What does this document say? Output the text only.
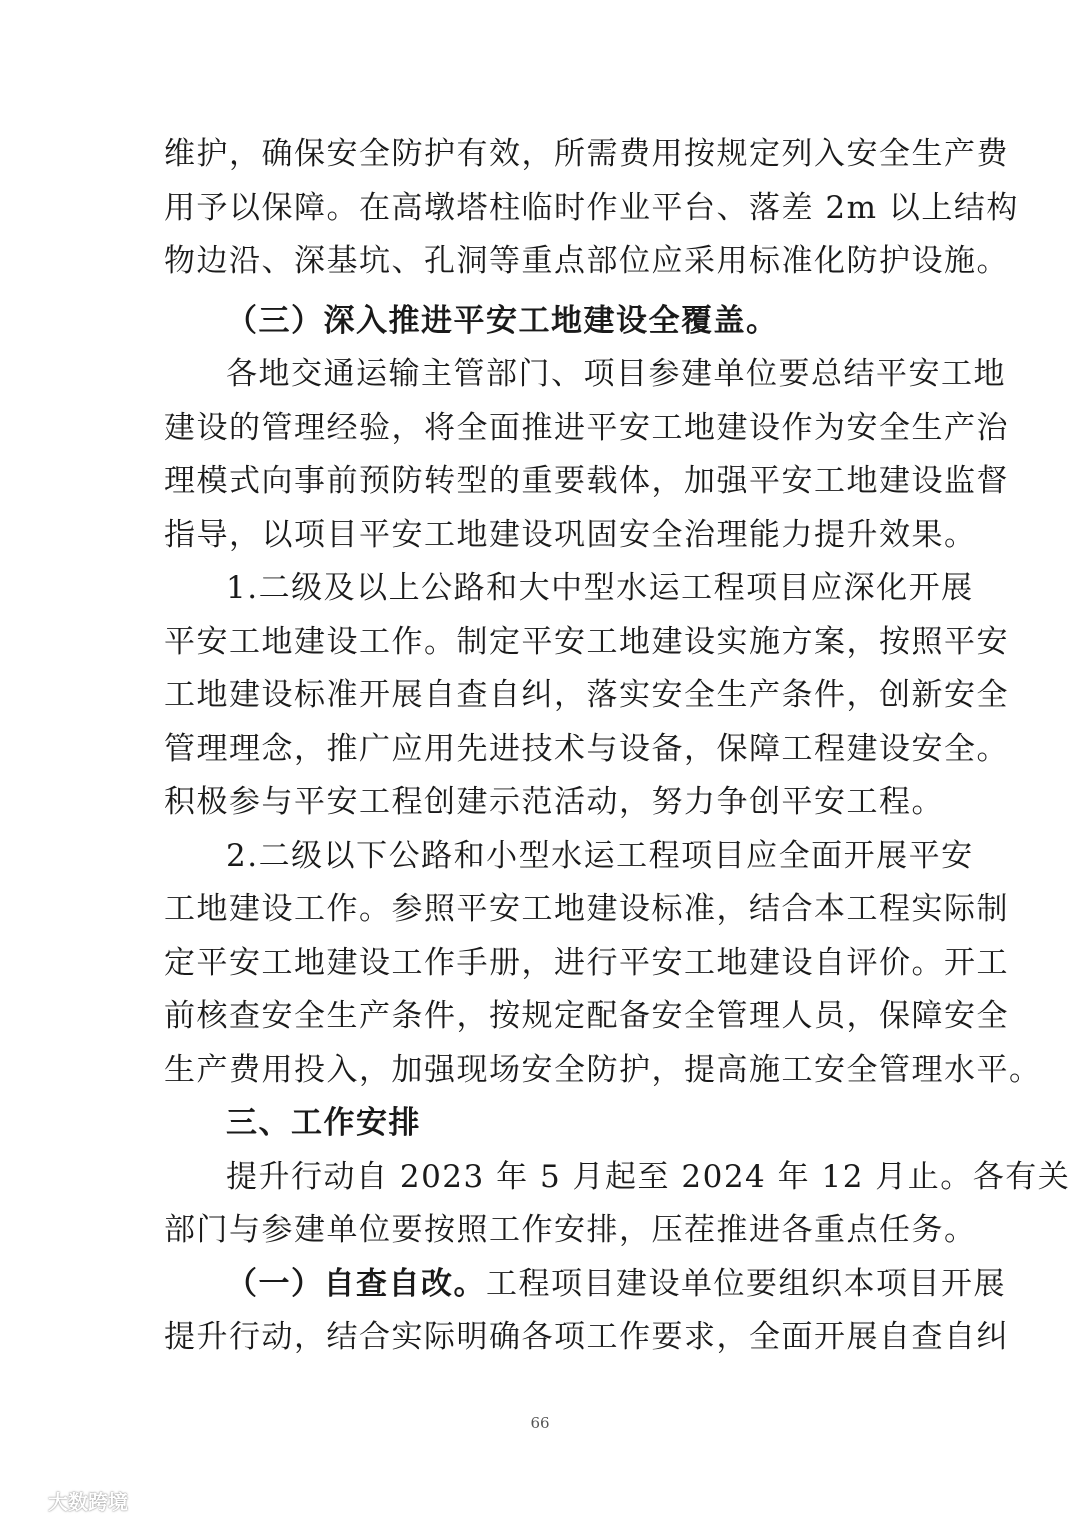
维护，确保安全防护有效，所需费用按规定列入安全生产费
用予以保障。在高墩塔柱临时作业平台、落差 2m 以上结构
物边沿、深基坑、孔洞等重点部位应采用标准化防护设施。
（三）深入推进平安工地建设全覆盖。
各地交通运输主管部门、项目参建单位要总结平安工地
建设的管理经验，将全面推进平安工地建设作为安全生产治
理模式向事前预防转型的重要载体，加强平安工地建设监督
指导，以项目平安工地建设巩固安全治理能力提升效果。
1.二级及以上公路和大中型水运工程项目应深化开展
平安工地建设工作。制定平安工地建设实施方案，按照平安
工地建设标准开展自查自纠，落实安全生产条件，创新安全
管理理念，推广应用先进技术与设备，保障工程建设安全。
积极参与平安工程创建示范活动，努力争创平安工程。
2.二级以下公路和小型水运工程项目应全面开展平安
工地建设工作。参照平安工地建设标准，结合本工程实际制
定平安工地建设工作手册，进行平安工地建设自评价。开工
前核查安全生产条件，按规定配备安全管理人员，保障安全
生产费用投入，加强现场安全防护，提高施工安全管理水平。
三、工作安排
提升行动自 2023 年 5 月起至 2024 年 12 月止。各有关
部门与参建单位要按照工作安排，压茬推进各重点任务。
（一）自查自改。工程项目建设单位要组织本项目开展
提升行动，结合实际明确各项工作要求，全面开展自查自纠
66
大数跨境
